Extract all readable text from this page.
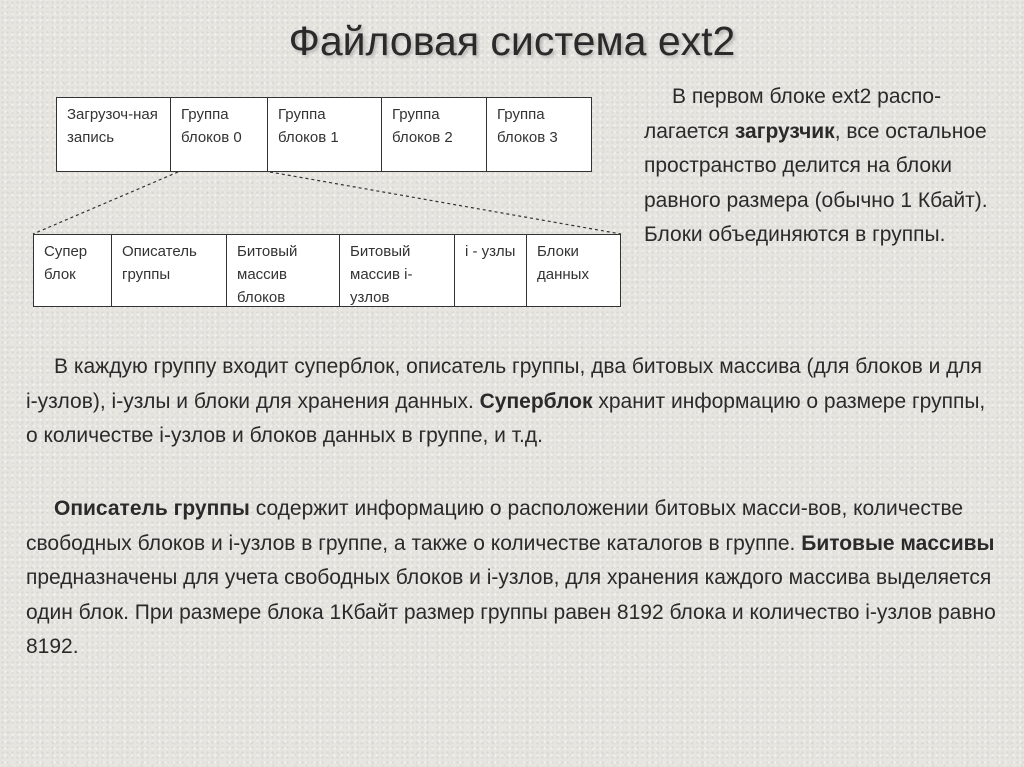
Файловая система ext2
Загрузоч-ная запись
Группа блоков 0
Группа блоков 1
Группа блоков 2
Группа блоков 3
Супер блок
Описатель группы
Битовый массив блоков
Битовый массив i-узлов
i - узлы	Блоки данных
В первом блоке ext2 распо-лагается загрузчик, все остальное пространство делится на блоки равного размера (обычно 1 Кбайт). Блоки объединяются в группы.
В каждую группу входит суперблок, описатель группы, два битовых массива (для блоков и для i-узлов), i-узлы и блоки для хранения данных. Суперблок хранит информацию о размере группы, о количестве i-узлов и блоков данных в группе, и т.д.
Описатель группы содержит информацию о расположении битовых масси-вов, количестве свободных блоков и i-узлов в группе, а также о количестве каталогов в группе. Битовые массивы предназначены для учета свободных блоков и i-узлов, для хранения каждого массива выделяется один блок. При размере блока 1Кбайт размер группы равен 8192 блока и количество i-узлов равно 8192.
